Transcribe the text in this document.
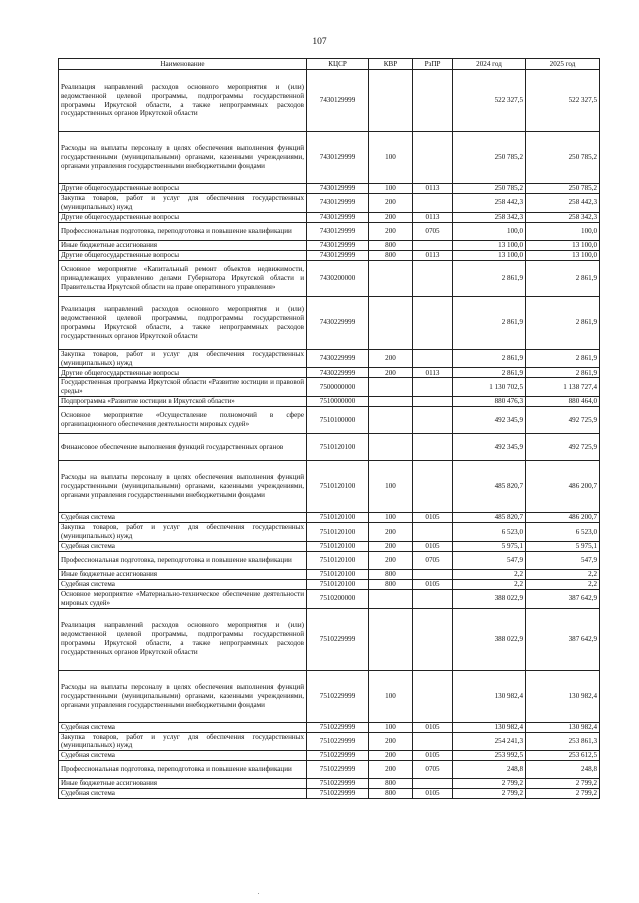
107
Наименование	КЦСР	КВР	РзПР	2024 год	2025 год
Реализация направлений расходов основного мероприятия и (или) ведомственной целевой программы, подпрограммы государственной программы Иркутской области, а также непрограммных расходов государственных органов Иркутской области	7430129999			522 327,5	522 327,5
Расходы на выплаты персоналу в целях обеспечения выполнения функций государственными (муниципальными) органами, казенными учреждениями, органами управления государственными внебюджетными фондами	7430129999	100		250 785,2	250 785,2
Другие общегосударственные вопросы	7430129999	100	0113	250 785,2	250 785,2
Закупка товаров, работ и услуг для обеспечения государственных (муниципальных) нужд	7430129999	200		258 442,3	258 442,3
Другие общегосударственные вопросы	7430129999	200	0113	258 342,3	258 342,3
Профессиональная подготовка, переподготовка и повышение квалификации	7430129999	200	0705	100,0	100,0
Иные бюджетные ассигнования	7430129999	800		13 100,0	13 100,0
Другие общегосударственные вопросы	7430129999	800	0113	13 100,0	13 100,0
Основное мероприятие «Капитальный ремонт объектов недвижимости, принадлежащих управлению делами Губернатора Иркутской области и Правительства Иркутской области на праве оперативного управления»	7430200000			2 861,9	2 861,9
Реализация направлений расходов основного мероприятия и (или) ведомственной целевой программы, подпрограммы государственной программы Иркутской области, а также непрограммных расходов государственных органов Иркутской области	7430229999			2 861,9	2 861,9
Закупка товаров, работ и услуг для обеспечения государственных (муниципальных) нужд	7430229999	200		2 861,9	2 861,9
Другие общегосударственные вопросы	7430229999	200	0113	2 861,9	2 861,9
Государственная программа Иркутской области «Развитие юстиции и правовой среды»	7500000000			1 130 702,5	1 138 727,4
Подпрограмма «Развитие юстиции в Иркутской области»	7510000000			880 476,3	880 464,0
Основное мероприятие «Осуществление полномочий в сфере организационного обеспечения деятельности мировых судей»	7510100000			492 345,9	492 725,9
Финансовое обеспечение выполнения функций государственных органов	7510120100			492 345,9	492 725,9
Расходы на выплаты персоналу в целях обеспечения выполнения функций государственными (муниципальными) органами, казенными учреждениями, органами управления государственными внебюджетными фондами	7510120100	100		485 820,7	486 200,7
Судебная система	7510120100	100	0105	485 820,7	486 200,7
Закупка товаров, работ и услуг для обеспечения государственных (муниципальных) нужд	7510120100	200		6 523,0	6 523,0
Судебная система	7510120100	200	0105	5 975,1	5 975,1
Профессиональная подготовка, переподготовка и повышение квалификации	7510120100	200	0705	547,9	547,9
Иные бюджетные ассигнования	7510120100	800		2,2	2,2
Судебная система	7510120100	800	0105	2,2	2,2
Основное мероприятие «Материально-техническое обеспечение деятельности мировых судей»	7510200000			388 022,9	387 642,9
Реализация направлений расходов основного мероприятия и (или) ведомственной целевой программы, подпрограммы государственной программы Иркутской области, а также непрограммных расходов государственных органов Иркутской области	7510229999			388 022,9	387 642,9
Расходы на выплаты персоналу в целях обеспечения выполнения функций государственными (муниципальными) органами, казенными учреждениями, органами управления государственными внебюджетными фондами	7510229999	100		130 982,4	130 982,4
Судебная система	7510229999	100	0105	130 982,4	130 982,4
Закупка товаров, работ и услуг для обеспечения государственных (муниципальных) нужд	7510229999	200		254 241,3	253 861,3
Судебная система	7510229999	200	0105	253 992,5	253 612,5
Профессиональная подготовка, переподготовка и повышение квалификации	7510229999	200	0705	248,8	248,8
Иные бюджетные ассигнования	7510229999	800		2 799,2	2 799,2
Судебная система	7510229999	800	0105	2 799,2	2 799,2
